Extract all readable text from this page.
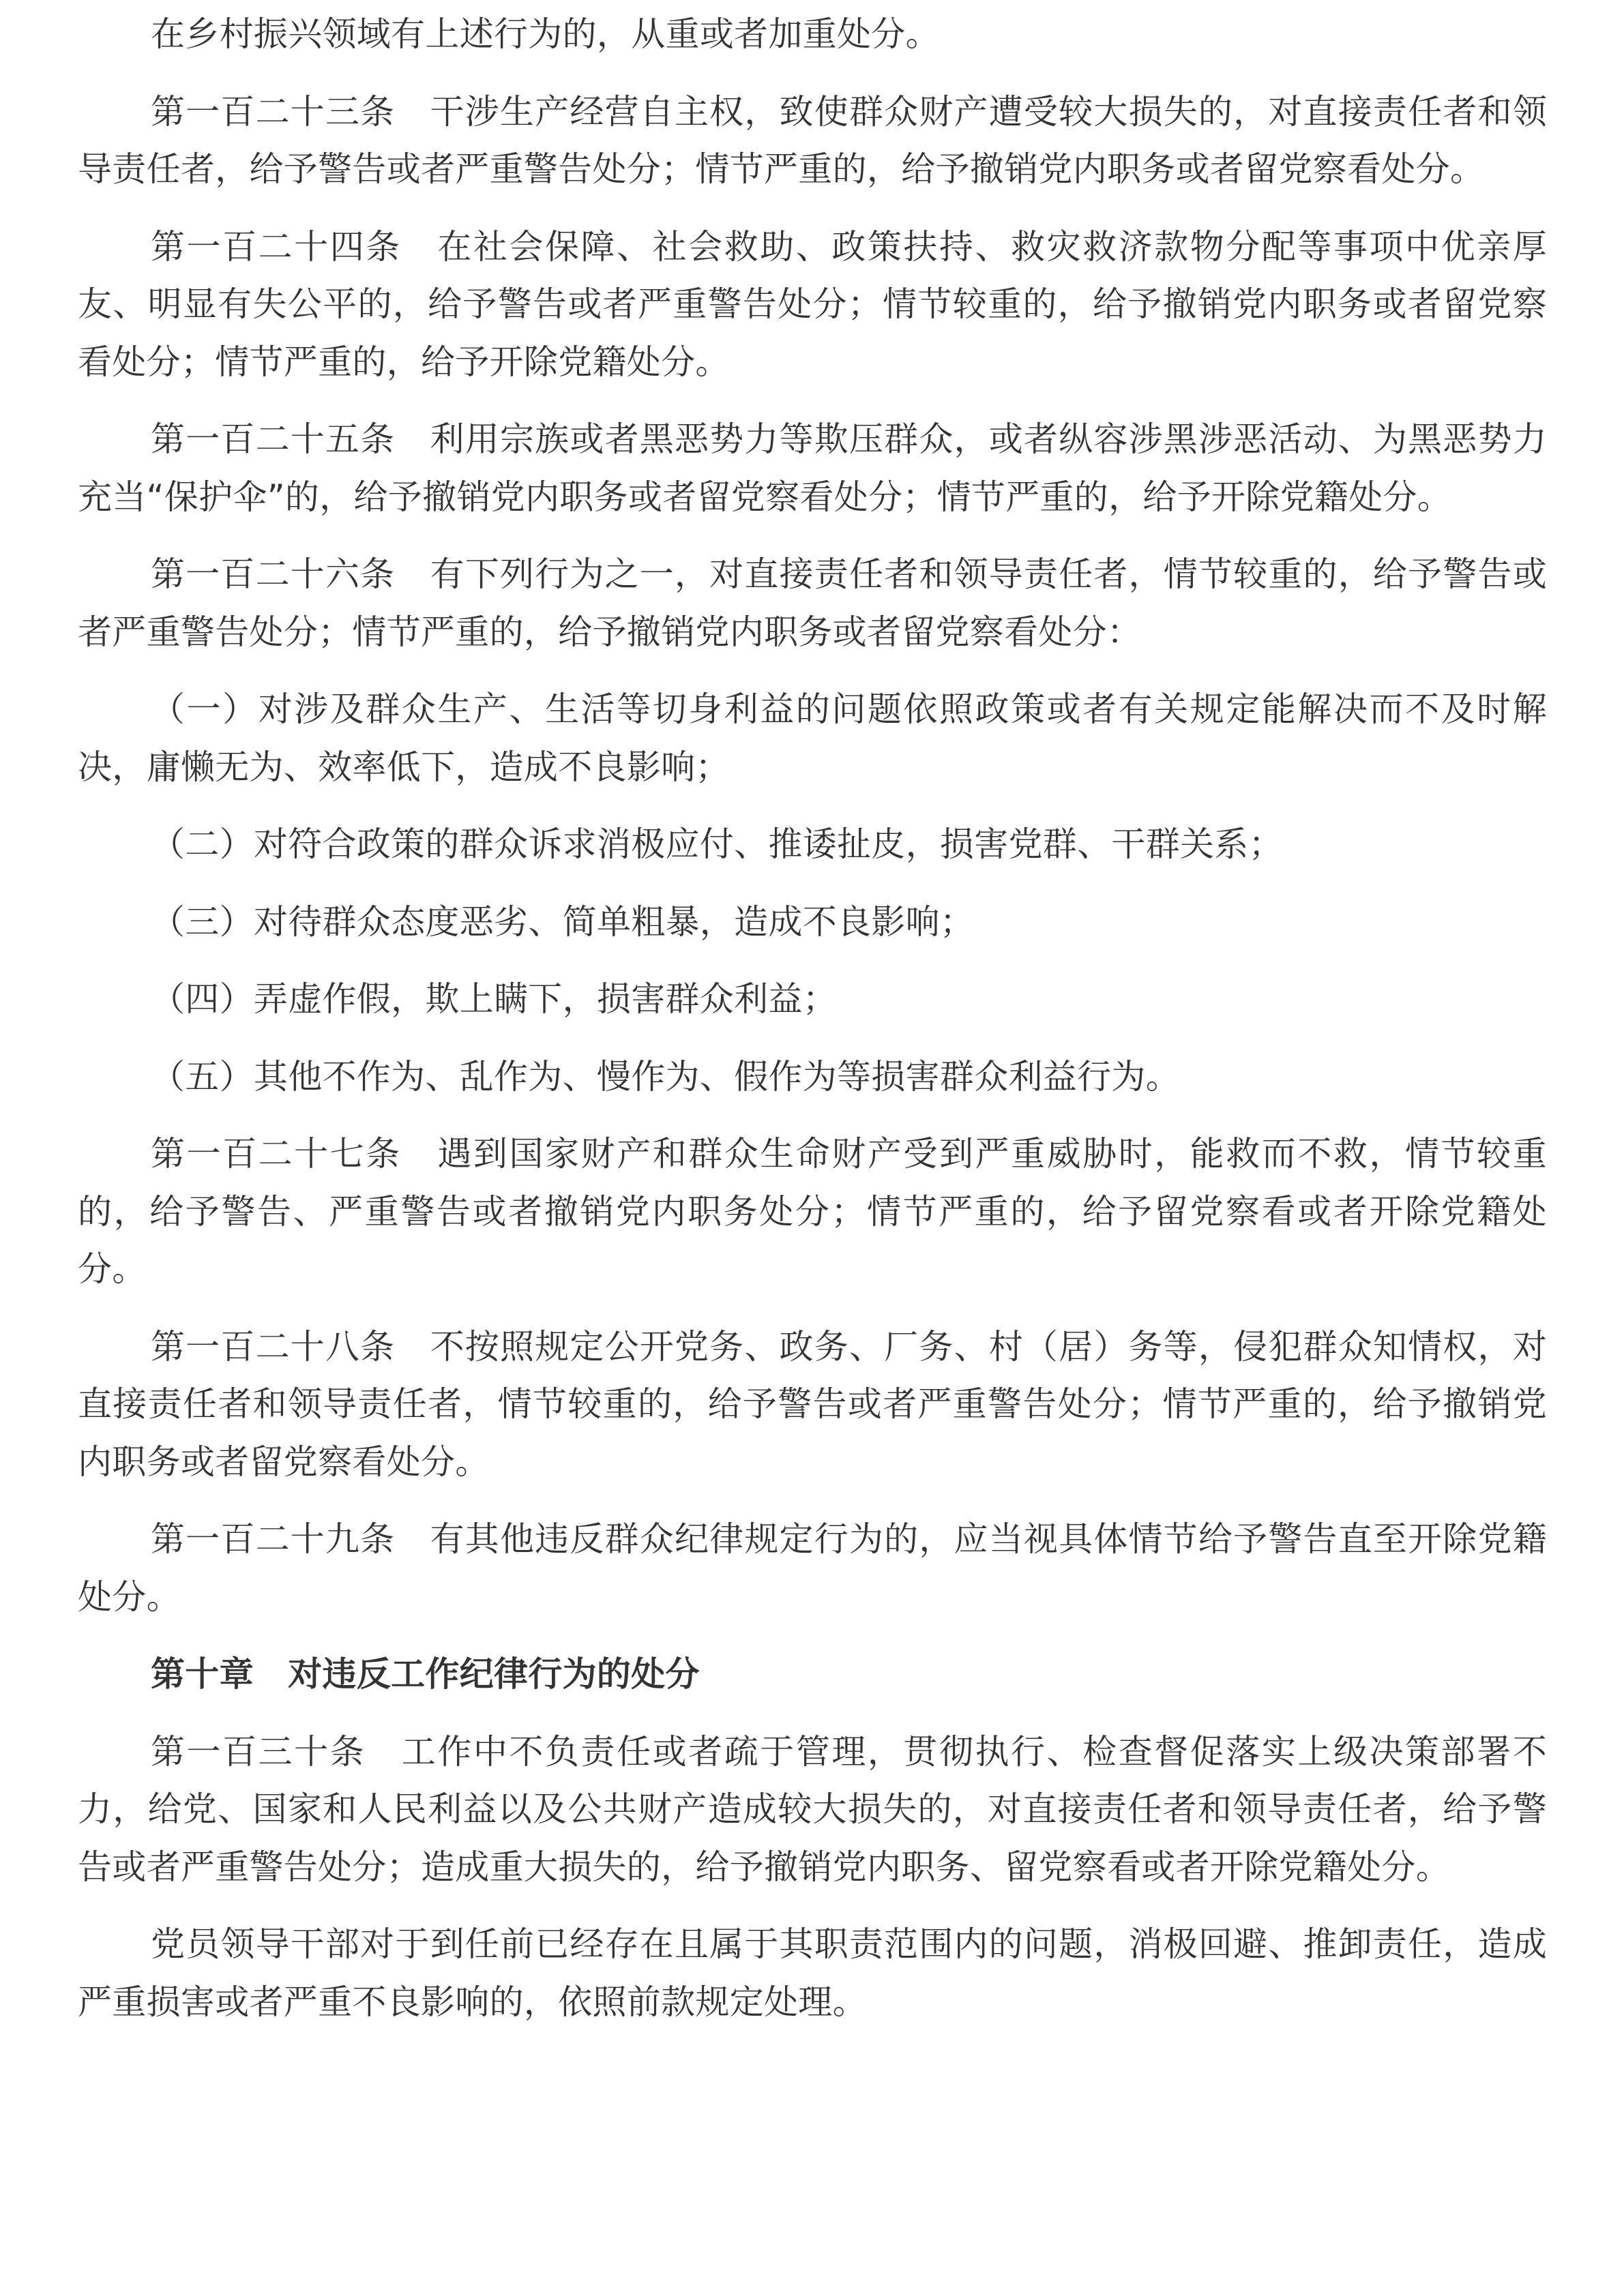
在乡村振兴领域有上述行为的，从重或者加重处分。

第一百二十三条　干涉生产经营自主权，致使群众财产遭受较大损失的，对直接责任者和领导责任者，给予警告或者严重警告处分；情节严重的，给予撤销党内职务或者留党察看处分。

第一百二十四条　在社会保障、社会救助、政策扶持、救灾救济款物分配等事项中优亲厚友、明显有失公平的，给予警告或者严重警告处分；情节较重的，给予撤销党内职务或者留党察看处分；情节严重的，给予开除党籍处分。

第一百二十五条　利用宗族或者黑恶势力等欺压群众，或者纵容涉黑涉恶活动、为黑恶势力充当“保护伞”的，给予撤销党内职务或者留党察看处分；情节严重的，给予开除党籍处分。

第一百二十六条　有下列行为之一，对直接责任者和领导责任者，情节较重的，给予警告或者严重警告处分；情节严重的，给予撤销党内职务或者留党察看处分：

（一）对涉及群众生产、生活等切身利益的问题依照政策或者有关规定能解决而不及时解决，庸懒无为、效率低下，造成不良影响；

（二）对符合政策的群众诉求消极应付、推诿扯皮，损害党群、干群关系；

（三）对待群众态度恶劣、简单粗暴，造成不良影响；

（四）弄虚作假，欺上瞒下，损害群众利益；

（五）其他不作为、乱作为、慢作为、假作为等损害群众利益行为。

第一百二十七条　遇到国家财产和群众生命财产受到严重威胁时，能救而不救，情节较重的，给予警告、严重警告或者撤销党内职务处分；情节严重的，给予留党察看或者开除党籍处分。

第一百二十八条　不按照规定公开党务、政务、厂务、村（居）务等，侵犯群众知情权，对直接责任者和领导责任者，情节较重的，给予警告或者严重警告处分；情节严重的，给予撤销党内职务或者留党察看处分。

第一百二十九条　有其他违反群众纪律规定行为的，应当视具体情节给予警告直至开除党籍处分。

第十章　对违反工作纪律行为的处分

第一百三十条　工作中不负责任或者疏于管理，贯彻执行、检查督促落实上级决策部署不力，给党、国家和人民利益以及公共财产造成较大损失的，对直接责任者和领导责任者，给予警告或者严重警告处分；造成重大损失的，给予撤销党内职务、留党察看或者开除党籍处分。

党员领导干部对于到任前已经存在且属于其职责范围内的问题，消极回避、推卸责任，造成严重损害或者严重不良影响的，依照前款规定处理。
